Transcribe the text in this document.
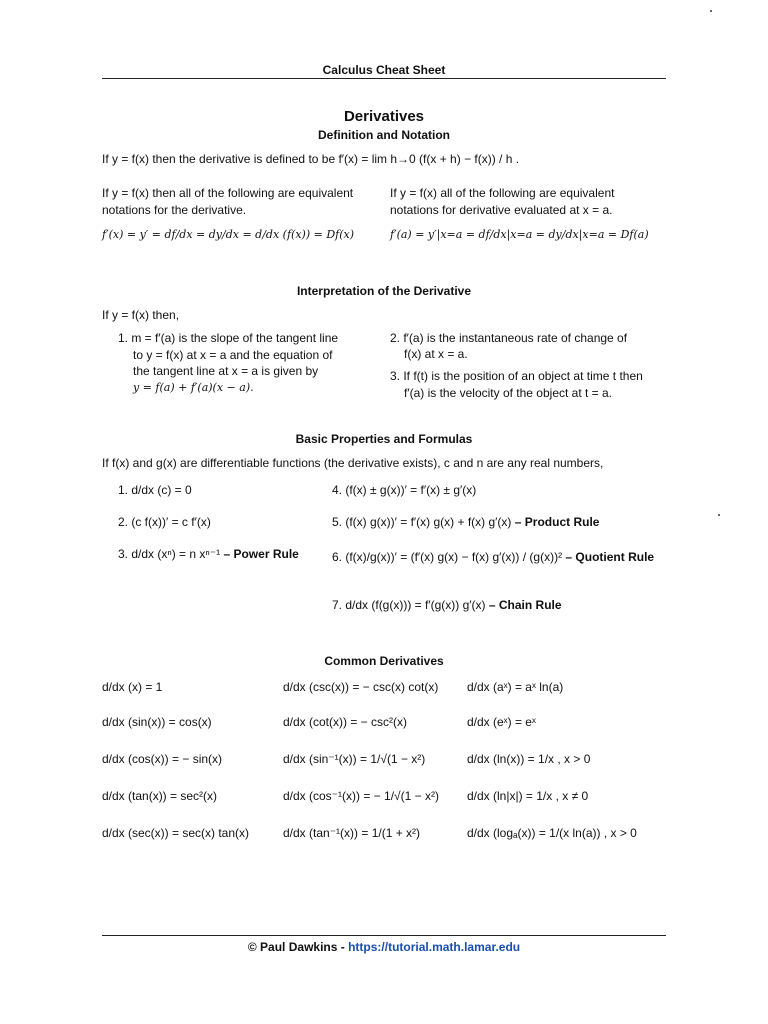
Calculus Cheat Sheet
Derivatives
Definition and Notation
If y = f(x) then the derivative is defined to be f′(x) = lim h→0 (f(x + h) − f(x)) / h .
If y = f(x) then all of the following are equivalent
notations for the derivative.
f′(x) = y′ = df/dx = dy/dx = d/dx (f(x)) = Df(x)
If y = f(x) all of the following are equivalent
notations for derivative evaluated at x = a.
f′(a) = y′|x=a = df/dx|x=a = dy/dx|x=a = Df(a)
Interpretation of the Derivative
If y = f(x) then,
1. m = f′(a) is the slope of the tangent line
to y = f(x) at x = a and the equation of
the tangent line at x = a is given by
y = f(a) + f′(a)(x − a).
2. f′(a) is the instantaneous rate of change of
f(x) at x = a.
3. If f(t) is the position of an object at time t then
f′(a) is the velocity of the object at t = a.
Basic Properties and Formulas
If f(x) and g(x) are differentiable functions (the derivative exists), c and n are any real numbers,
1. d/dx (c) = 0
2. (c f(x))′ = c f′(x)
3. d/dx (xⁿ) = n xⁿ⁻¹ – Power Rule
4. (f(x) ± g(x))′ = f′(x) ± g′(x)
5. (f(x) g(x))′ = f′(x) g(x) + f(x) g′(x) – Product Rule
6. (f(x)/g(x))′ = (f′(x) g(x) − f(x) g′(x)) / (g(x))² – Quotient Rule
7. d/dx (f(g(x))) = f′(g(x)) g′(x) – Chain Rule
Common Derivatives
d/dx (x) = 1
d/dx (sin(x)) = cos(x)
d/dx (cos(x)) = − sin(x)
d/dx (tan(x)) = sec²(x)
d/dx (sec(x)) = sec(x) tan(x)
d/dx (csc(x)) = − csc(x) cot(x)
d/dx (cot(x)) = − csc²(x)
d/dx (sin⁻¹(x)) = 1/√(1 − x²)
d/dx (cos⁻¹(x)) = − 1/√(1 − x²)
d/dx (tan⁻¹(x)) = 1/(1 + x²)
d/dx (aˣ) = aˣ ln(a)
d/dx (eˣ) = eˣ
d/dx (ln(x)) = 1/x , x > 0
d/dx (ln|x|) = 1/x , x ≠ 0
d/dx (logₐ(x)) = 1/(x ln(a)) , x > 0
© Paul Dawkins - https://tutorial.math.lamar.edu
